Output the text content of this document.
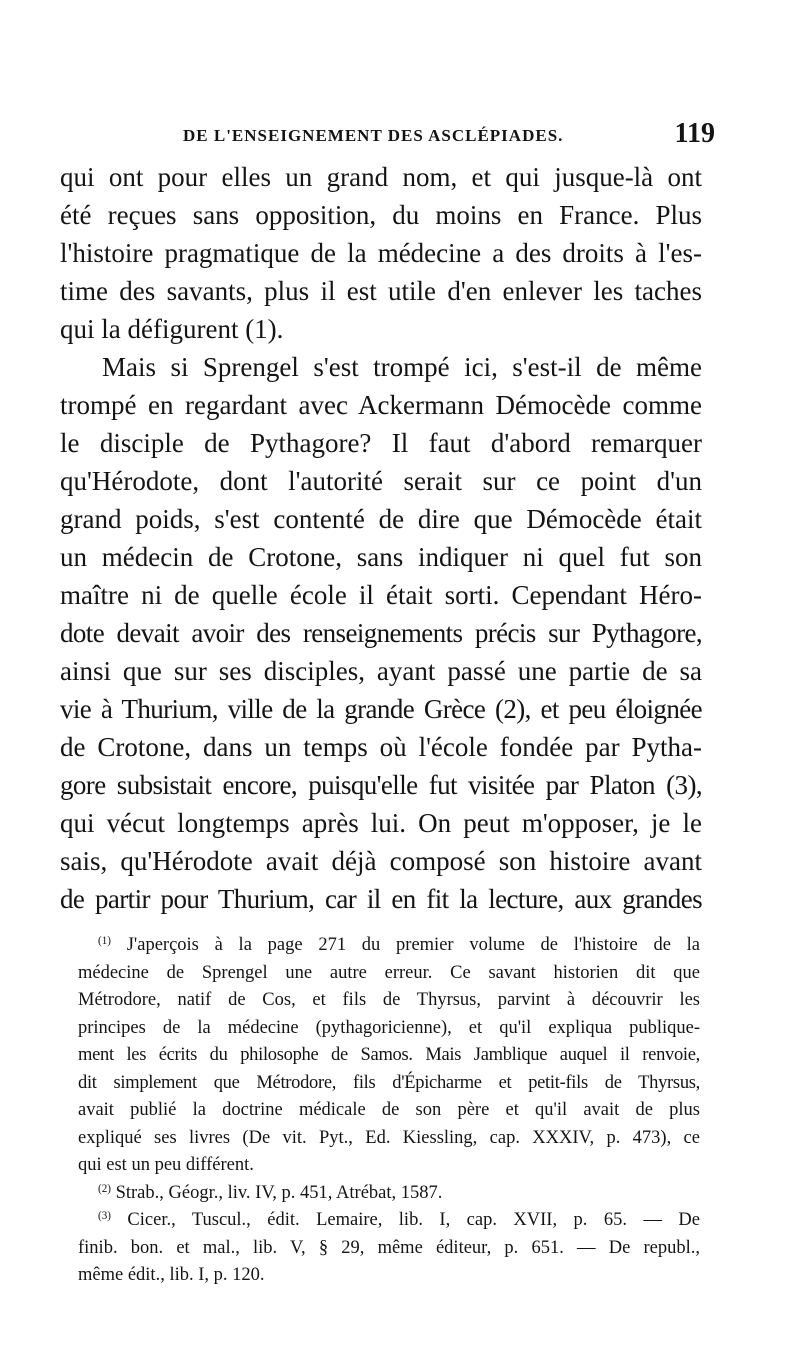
DE L'ENSEIGNEMENT DES ASCLÉPIADES.	119
qui ont pour elles un grand nom, et qui jusque-là ont
été reçues sans opposition, du moins en France. Plus
l'histoire pragmatique de la médecine a des droits à l'es-
time des savants, plus il est utile d'en enlever les taches
qui la défigurent (1).
Mais si Sprengel s'est trompé ici, s'est-il de même
trompé en regardant avec Ackermann Démocède comme
le disciple de Pythagore? Il faut d'abord remarquer
qu'Hérodote, dont l'autorité serait sur ce point d'un
grand poids, s'est contenté de dire que Démocède était
un médecin de Crotone, sans indiquer ni quel fut son
maître ni de quelle école il était sorti. Cependant Héro-
dote devait avoir des renseignements précis sur Pythagore,
ainsi que sur ses disciples, ayant passé une partie de sa
vie à Thurium, ville de la grande Grèce (2), et peu éloignée
de Crotone, dans un temps où l'école fondée par Pytha-
gore subsistait encore, puisqu'elle fut visitée par Platon (3),
qui vécut longtemps après lui. On peut m'opposer, je le
sais, qu'Hérodote avait déjà composé son histoire avant
de partir pour Thurium, car il en fit la lecture, aux grandes
$^{(1)}$ J'aperçois à la page 271 du premier volume de l'histoire de la
médecine de Sprengel une autre erreur. Ce savant historien dit que
Métrodore, natif de Cos, et fils de Thyrsus, parvint à découvrir les
principes de la médecine (pythagoricienne), et qu'il expliqua publique-
ment les écrits du philosophe de Samos. Mais Jamblique auquel il renvoie,
dit simplement que Métrodore, fils d'Épicharme et petit-fils de Thyrsus,
avait publié la doctrine médicale de son père et qu'il avait de plus
expliqué ses livres (De vit. Pyt., Ed. Kiessling, cap. XXXIV, p. 473), ce
qui est un peu différent.
$^{(2)}$ Strab., Géogr., liv. IV, p. 451, Atrébat, 1587.
$^{(3)}$ Cicer., Tuscul., édit. Lemaire, lib. I, cap. XVII, p. 65. — De
finib. bon. et mal., lib. V, § 29, même éditeur, p. 651. — De republ.,
même édit., lib. I, p. 120.
